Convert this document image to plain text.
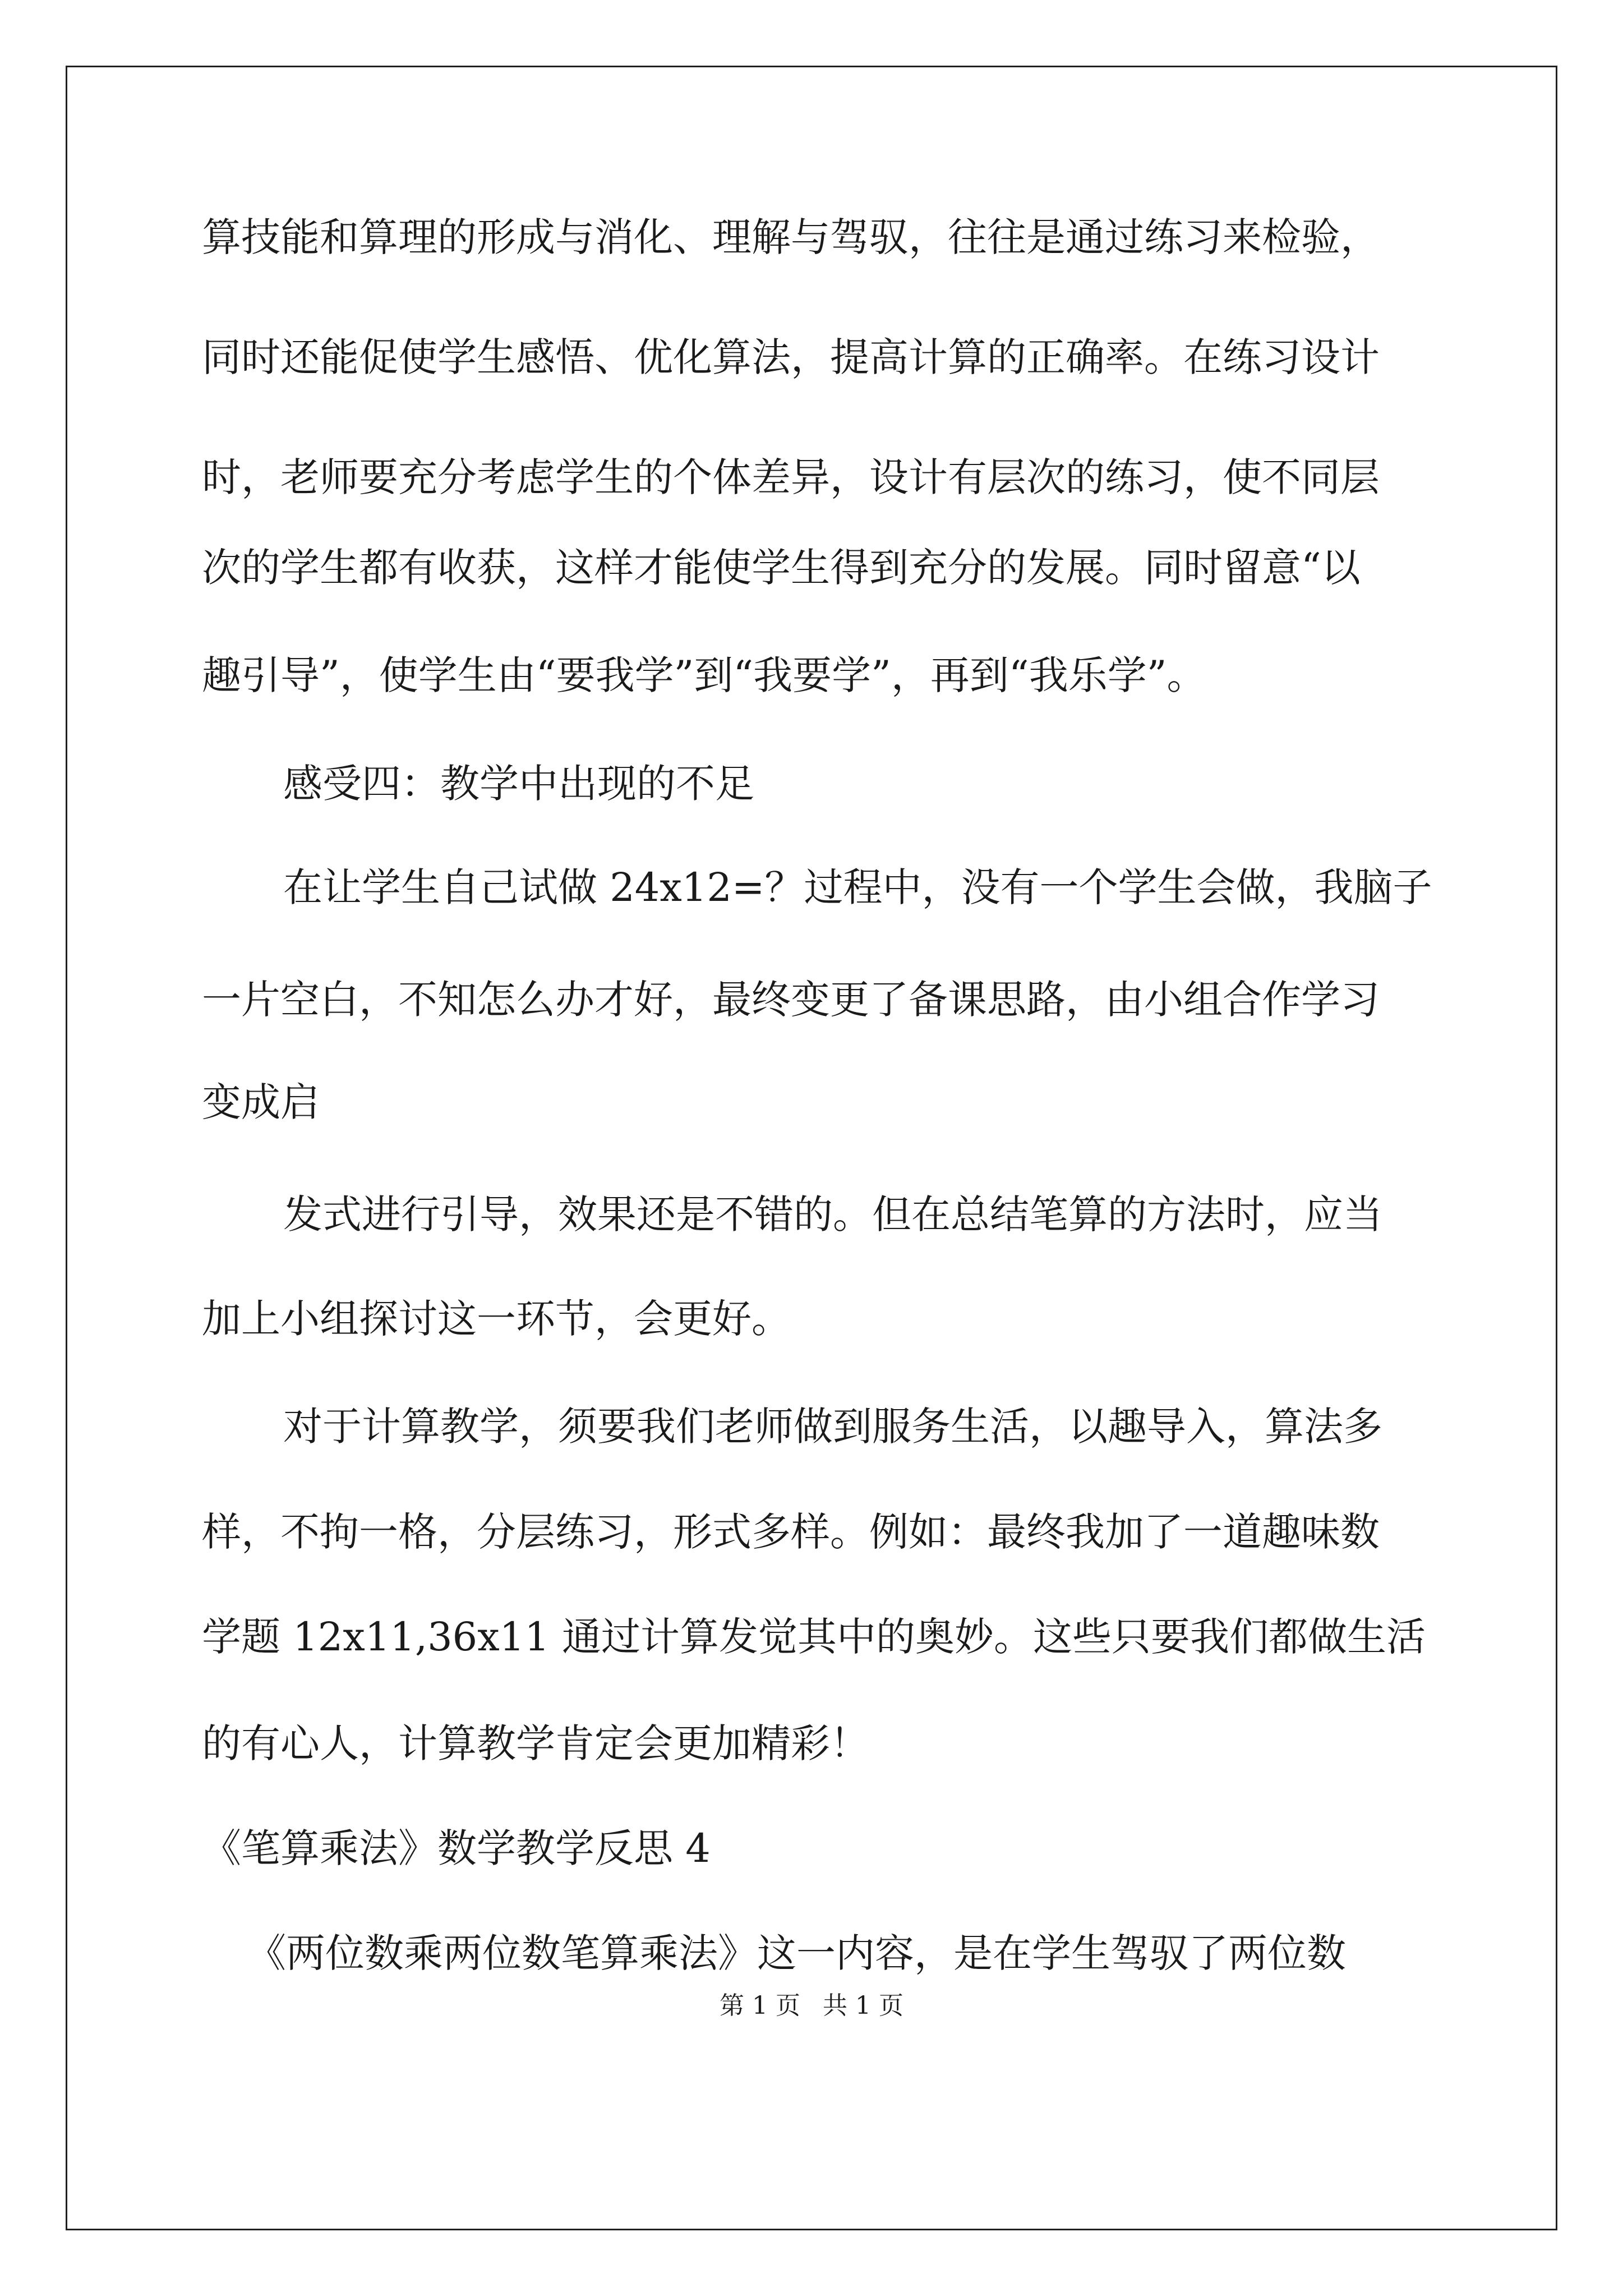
算技能和算理的形成与消化、理解与驾驭，往往是通过练习来检验，
同时还能促使学生感悟、优化算法，提高计算的正确率。在练习设计
时，老师要充分考虑学生的个体差异，设计有层次的练习，使不同层
次的学生都有收获，这样才能使学生得到充分的发展。同时留意“以
趣引导”，使学生由“要我学”到“我要学”，再到“我乐学”。
感受四：教学中出现的不足
在让学生自己试做 24x12=？过程中，没有一个学生会做，我脑子
一片空白，不知怎么办才好，最终变更了备课思路，由小组合作学习
变成启
发式进行引导，效果还是不错的。但在总结笔算的方法时，应当
加上小组探讨这一环节，会更好。
对于计算教学，须要我们老师做到服务生活，以趣导入，算法多
样，不拘一格，分层练习，形式多样。例如：最终我加了一道趣味数
学题 12x11,36x11 通过计算发觉其中的奥妙。这些只要我们都做生活
的有心人，计算教学肯定会更加精彩！
《笔算乘法》数学教学反思 4
《两位数乘两位数笔算乘法》这一内容，是在学生驾驭了两位数
第 1 页 共 1 页
